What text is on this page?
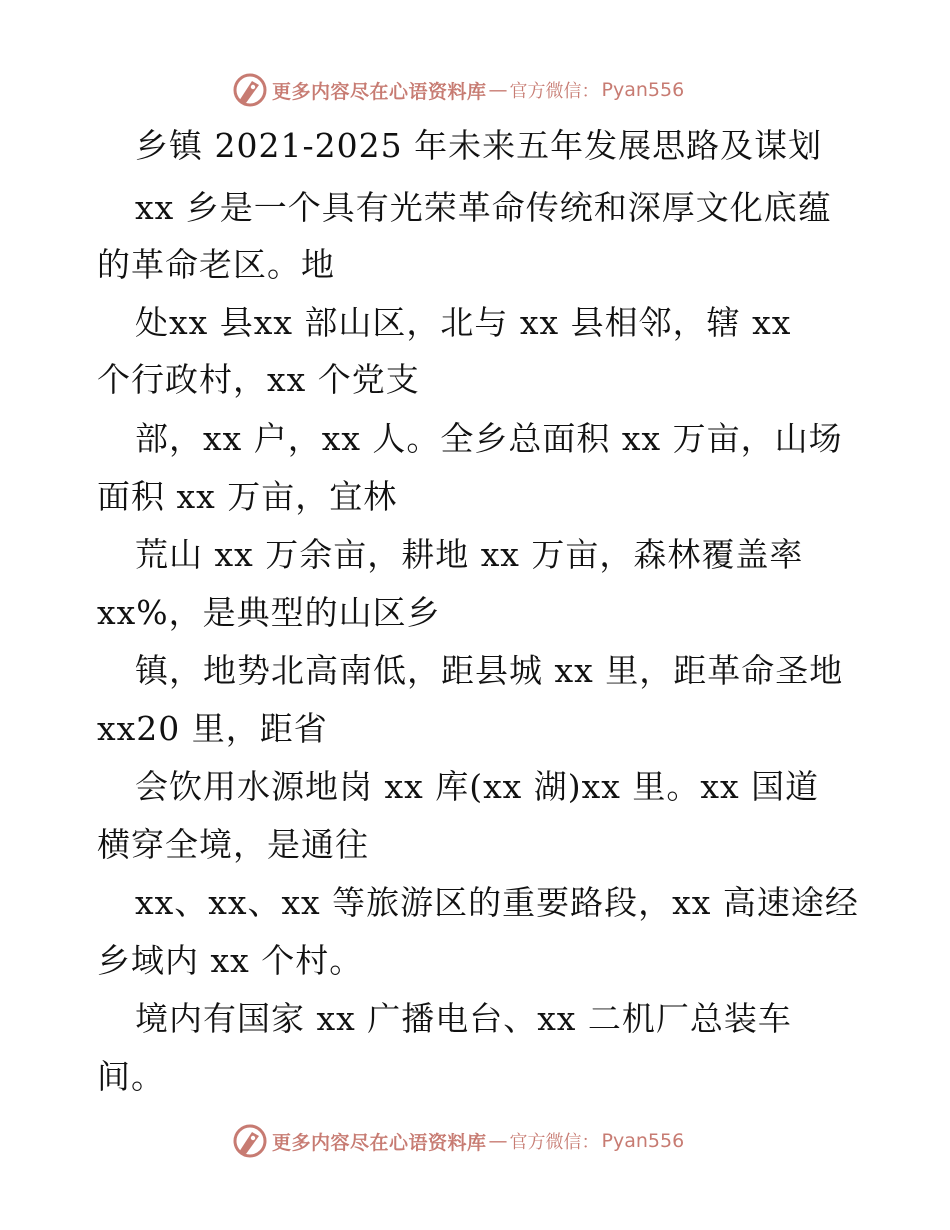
更多内容尽在心语资料库 — 官方微信： Pyan556
乡镇 2021-2025 年未来五年发展思路及谋划
xx 乡是一个具有光荣革命传统和深厚文化底蕴
的革命老区。地
处xx 县xx 部山区，北与 xx 县相邻，辖 xx
个行政村，xx 个党支
部，xx 户，xx 人。全乡总面积 xx 万亩，山场
面积 xx 万亩，宜林
荒山 xx 万余亩，耕地 xx 万亩，森林覆盖率
xx%，是典型的山区乡
镇，地势北高南低，距县城 xx 里，距革命圣地
xx20 里，距省
会饮用水源地岗 xx 库(xx 湖)xx 里。xx 国道
横穿全境，是通往
xx、xx、xx 等旅游区的重要路段，xx 高速途经
乡域内 xx 个村。
境内有国家 xx 广播电台、xx 二机厂总装车
间。
更多内容尽在心语资料库 — 官方微信： Pyan556
